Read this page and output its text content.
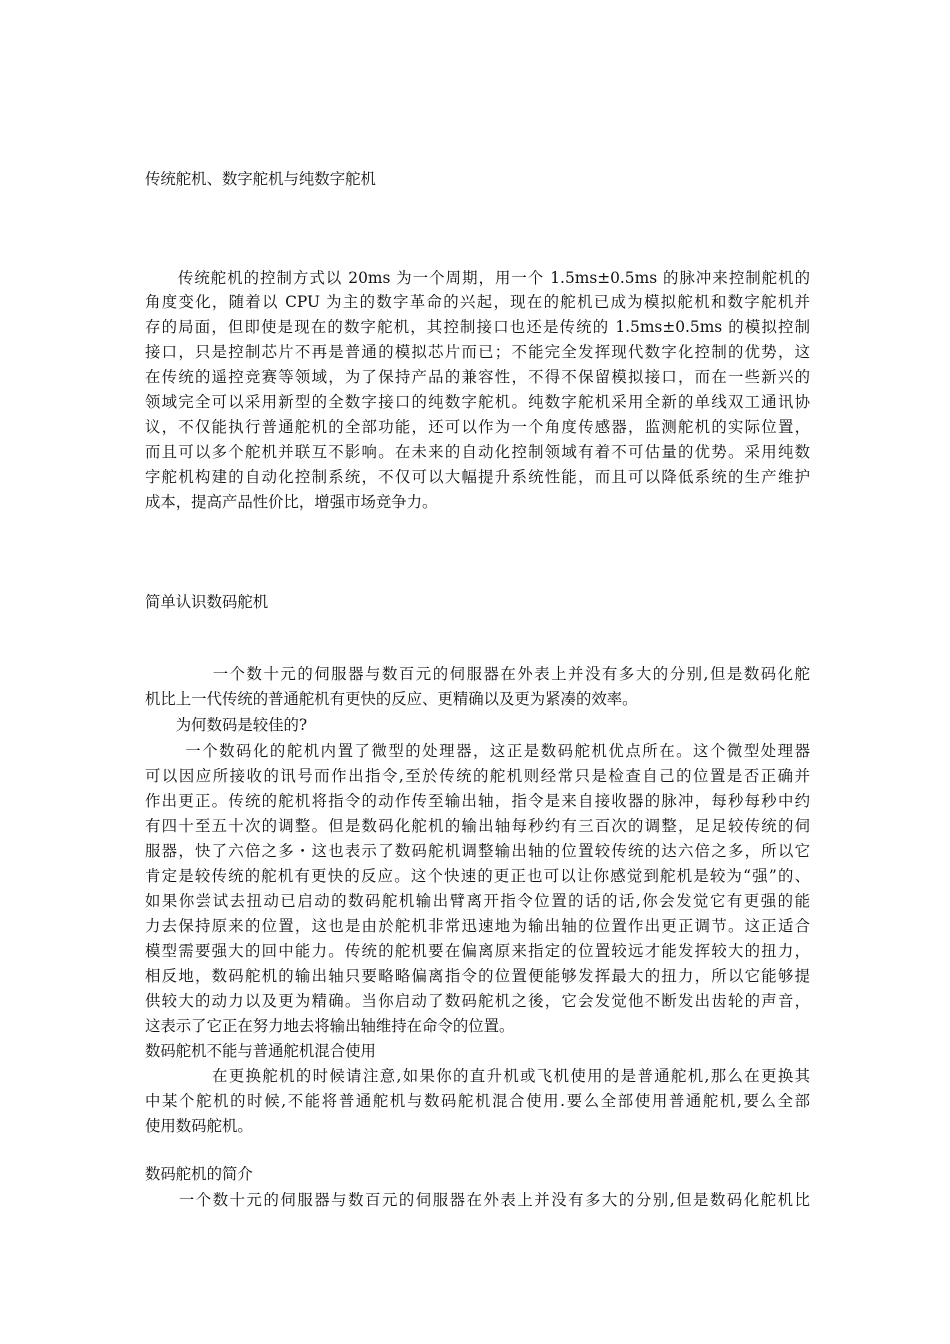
传统舵机、数字舵机与纯数字舵机
　　传统舵机的控制方式以 20ms 为一个周期，用一个 1.5ms±0.5ms 的脉冲来控制舵机的
角度变化，随着以 CPU 为主的数字革命的兴起，现在的舵机已成为模拟舵机和数字舵机并
存的局面，但即使是现在的数字舵机，其控制接口也还是传统的 1.5ms±0.5ms 的模拟控制
接口，只是控制芯片不再是普通的模拟芯片而已；不能完全发挥现代数字化控制的优势，这
在传统的遥控竞赛等领域，为了保持产品的兼容性，不得不保留模拟接口，而在一些新兴的
领域完全可以采用新型的全数字接口的纯数字舵机。纯数字舵机采用全新的单线双工通讯协
议，不仅能执行普通舵机的全部功能，还可以作为一个角度传感器，监测舵机的实际位置，
而且可以多个舵机并联互不影响。在未来的自动化控制领域有着不可估量的优势。采用纯数
字舵机构建的自动化控制系统，不仅可以大幅提升系统性能，而且可以降低系统的生产维护
成本，提高产品性价比，增强市场竞争力。
简单认识数码舵机
　　　　一个数十元的伺服器与数百元的伺服器在外表上并没有多大的分别,但是数码化舵
机比上一代传统的普通舵机有更快的反应、更精确以及更为紧凑的效率。
　　为何数码是较佳的?
　　 一个数码化的舵机内置了微型的处理器，这正是数码舵机优点所在。这个微型处理器
可以因应所接收的讯号而作出指令,至於传统的舵机则经常只是检查自己的位置是否正确并
作出更正。传统的舵机将指令的动作传至输出轴，指令是来自接收器的脉冲，每秒每秒中约
有四十至五十次的调整。但是数码化舵机的输出轴每秒约有三百次的调整，足足较传统的伺
服器，快了六倍之多・这也表示了数码舵机调整输出轴的位置较传统的达六倍之多，所以它
肯定是较传统的舵机有更快的反应。这个快速的更正也可以让你感觉到舵机是较为“强”的、
如果你尝试去扭动已启动的数码舵机输出臂离开指令位置的话的话,你会发觉它有更强的能
力去保持原来的位置，这也是由於舵机非常迅速地为输出轴的位置作出更正调节。这正适合
模型需要强大的回中能力。传统的舵机要在偏离原来指定的位置较远才能发挥较大的扭力，
相反地，数码舵机的输出轴只要略略偏离指令的位置便能够发挥最大的扭力，所以它能够提
供较大的动力以及更为精确。当你启动了数码舵机之後，它会发觉他不断发出齿轮的声音，
这表示了它正在努力地去将输出轴维持在命令的位置。
数码舵机不能与普通舵机混合使用
　　　　在更换舵机的时候请注意,如果你的直升机或飞机使用的是普通舵机,那么在更换其
中某个舵机的时候,不能将普通舵机与数码舵机混合使用.要么全部使用普通舵机,要么全部
使用数码舵机。
数码舵机的简介
　　一个数十元的伺服器与数百元的伺服器在外表上并没有多大的分别,但是数码化舵机比
